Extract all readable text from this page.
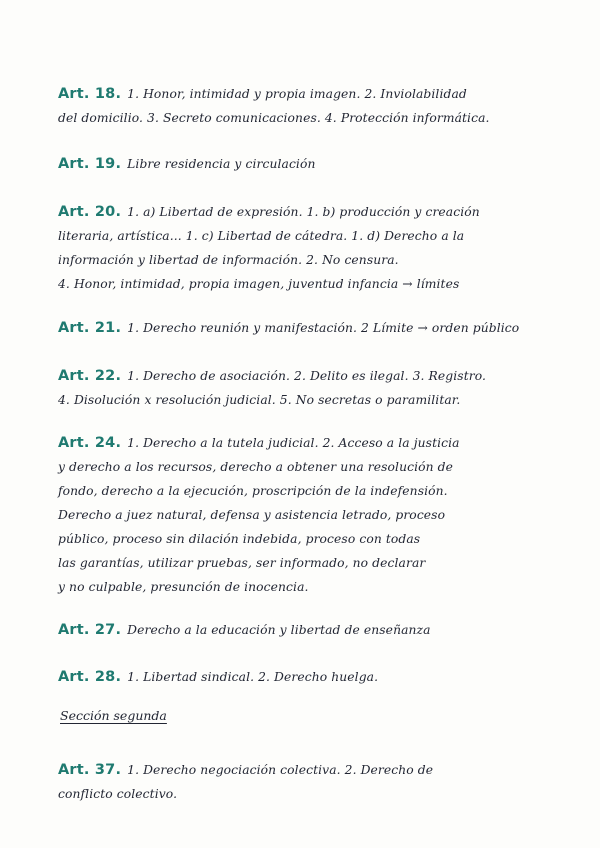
Art. 18. 1. Honor, intimidad y propia imagen. 2. Inviolabilidad
del domicilio. 3. Secreto comunicaciones. 4. Protección informática.
Art. 19. Libre residencia y circulación
Art. 20. 1. a) Libertad de expresión. 1. b) producción y creación
literaria, artística... 1. c) Libertad de cátedra. 1. d) Derecho a la
información y libertad de información. 2. No censura.
4. Honor, intimidad, propia imagen, juventud infancia → límites
Art. 21. 1. Derecho reunión y manifestación. 2 Límite → orden público
Art. 22. 1. Derecho de asociación. 2. Delito es ilegal. 3. Registro.
4. Disolución x resolución judicial. 5. No secretas o paramilitar.
Art. 24. 1. Derecho a la tutela judicial. 2. Acceso a la justicia
y derecho a los recursos, derecho a obtener una resolución de
fondo, derecho a la ejecución, proscripción de la indefensión.
Derecho a juez natural, defensa y asistencia letrado, proceso
público, proceso sin dilación indebida, proceso con todas
las garantías, utilizar pruebas, ser informado, no declarar
y no culpable, presunción de inocencia.
Art. 27. Derecho a la educación y libertad de enseñanza
Art. 28. 1. Libertad sindical. 2. Derecho huelga.
Sección segunda
Art. 37. 1. Derecho negociación colectiva. 2. Derecho de
conflicto colectivo.
